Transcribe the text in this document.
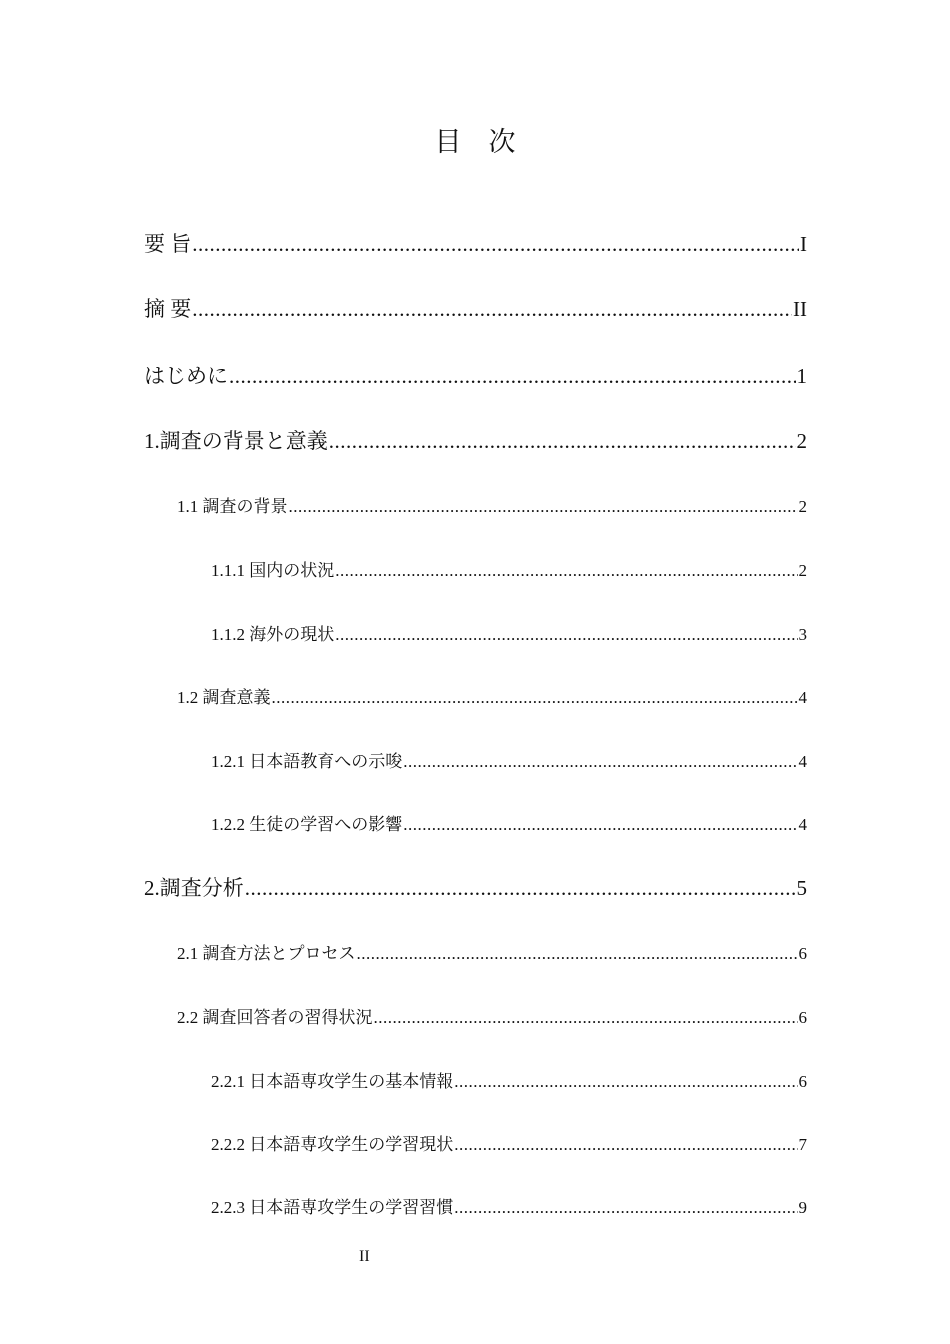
目　次
要 旨 .....	I
摘 要 .....	II
はじめに .....	1
1.調査の背景と意義 .....	2
1.1 調査の背景 .....	2
1.1.1 国内の状況 .....	2
1.1.2 海外の現状 .....	3
1.2 調査意義 .....	4
1.2.1 日本語教育への示唆 .....	4
1.2.2 生徒の学習への影響 .....	4
2.調査分析 .....	5
2.1 調査方法とプロセス .....	6
2.2 調査回答者の習得状況 .....	6
2.2.1 日本語専攻学生の基本情報 .....	6
2.2.2 日本語専攻学生の学習現状 .....	7
2.2.3 日本語専攻学生の学習習慣 .....	9
II
